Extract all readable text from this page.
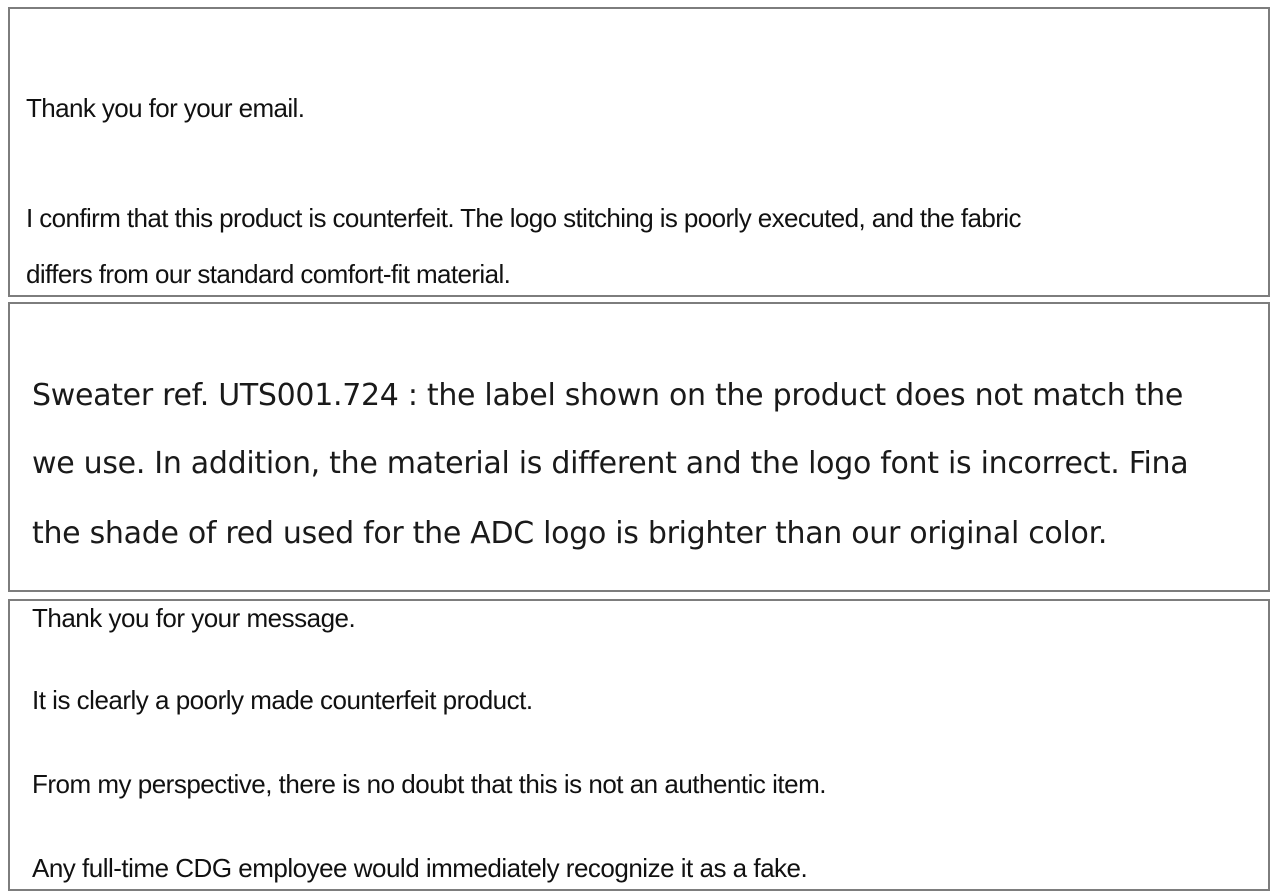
Thank you for your email.

I confirm that this product is counterfeit. The logo stitching is poorly executed, and the fabric

differs from our standard comfort-fit material.

Sweater ref. UTS001.724 : the label shown on the product does not match the

we use. In addition, the material is different and the logo font is incorrect. Fina

the shade of red used for the ADC logo is brighter than our original color.

Thank you for your message.

It is clearly a poorly made counterfeit product.

From my perspective, there is no doubt that this is not an authentic item.

Any full-time CDG employee would immediately recognize it as a fake.
